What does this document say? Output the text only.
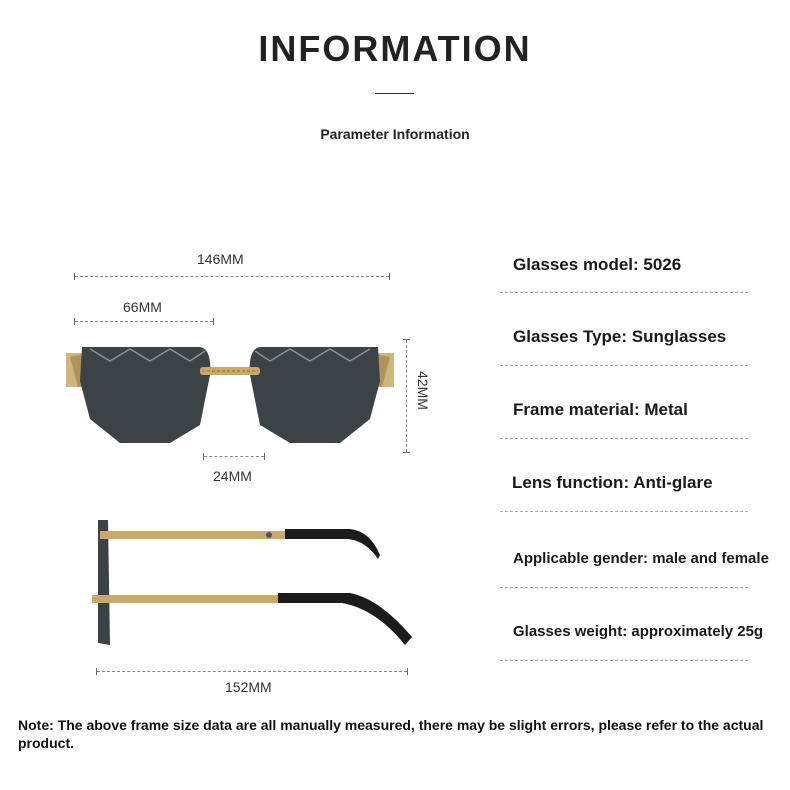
INFORMATION
Parameter Information
146MM
66MM
42MM
24MM
152MM
Glasses model: 5026
Glasses Type: Sunglasses
Frame material: Metal
Lens function: Anti-glare
Applicable gender: male and female
Glasses weight: approximately 25g
Note: The above frame size data are all manually measured, there may be slight errors, please refer to the actual product.
